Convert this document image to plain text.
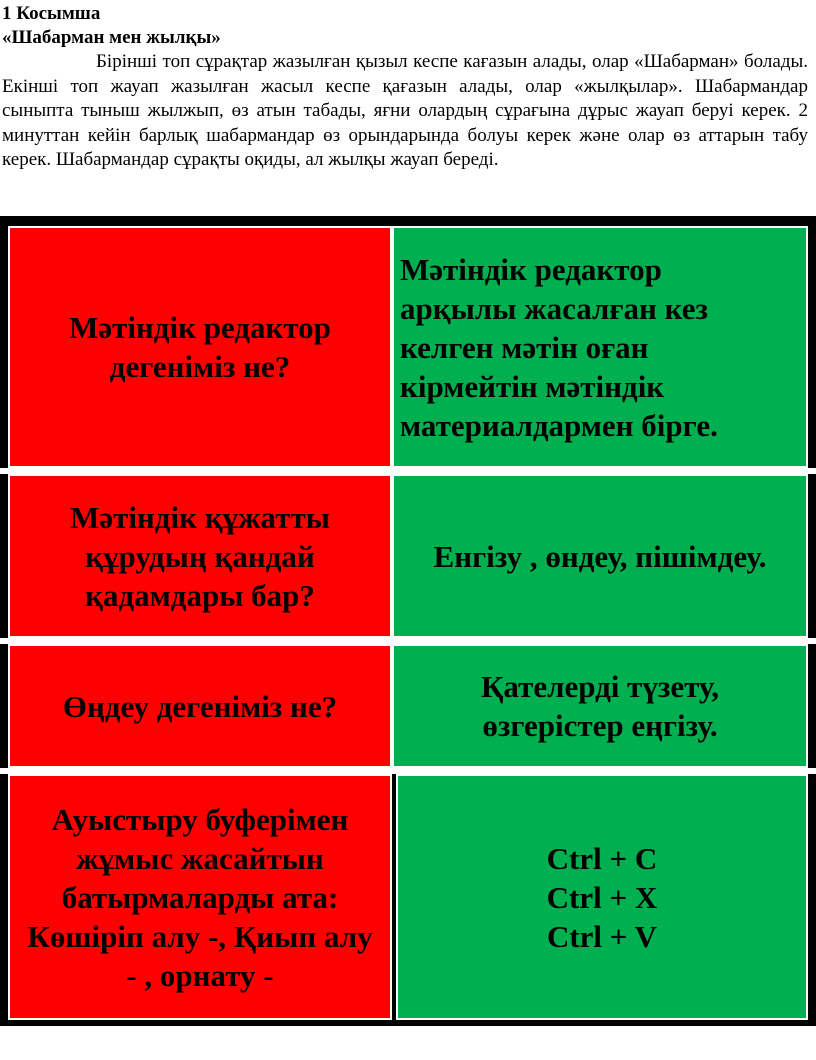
1 Косымша

«Шабарман мен жылқы»

Бірінші топ сұрақтар жазылған қызыл кеспе кағазын алады, олар «Шабарман» болады. Екінші топ жауап жазылған жасыл кеспе қағазын алады, олар «жылқылар». Шабармандар сыныпта тыныш жылжып, өз атын табады, яғни олардың сұрағына дұрыс жауап беруі керек. 2 минуттан кейін барлық шабармандар өз орындарында болуы керек және олар өз аттарын табу керек. Шабармандар сұрақты оқиды, ал жылқы жауап береді.

Мәтіндік редактор дегеніміз не?
Мәтіндік редактор арқылы жасалған кез келген мәтін оған кірмейтін мәтіндік материалдармен бірге.
Мәтіндік құжатты құрудың қандай қадамдары бар?
Енгізу , өндеу, пішімдеу.
Өңдеу дегеніміз не?
Қателерді түзету, өзгерістер еңгізу.
Ауыстыру буферімен жұмыс жасайтын батырмаларды ата: Көшіріп алу -, Қиып алу - , орнату -
Ctrl + C
Ctrl + X
Ctrl + V
